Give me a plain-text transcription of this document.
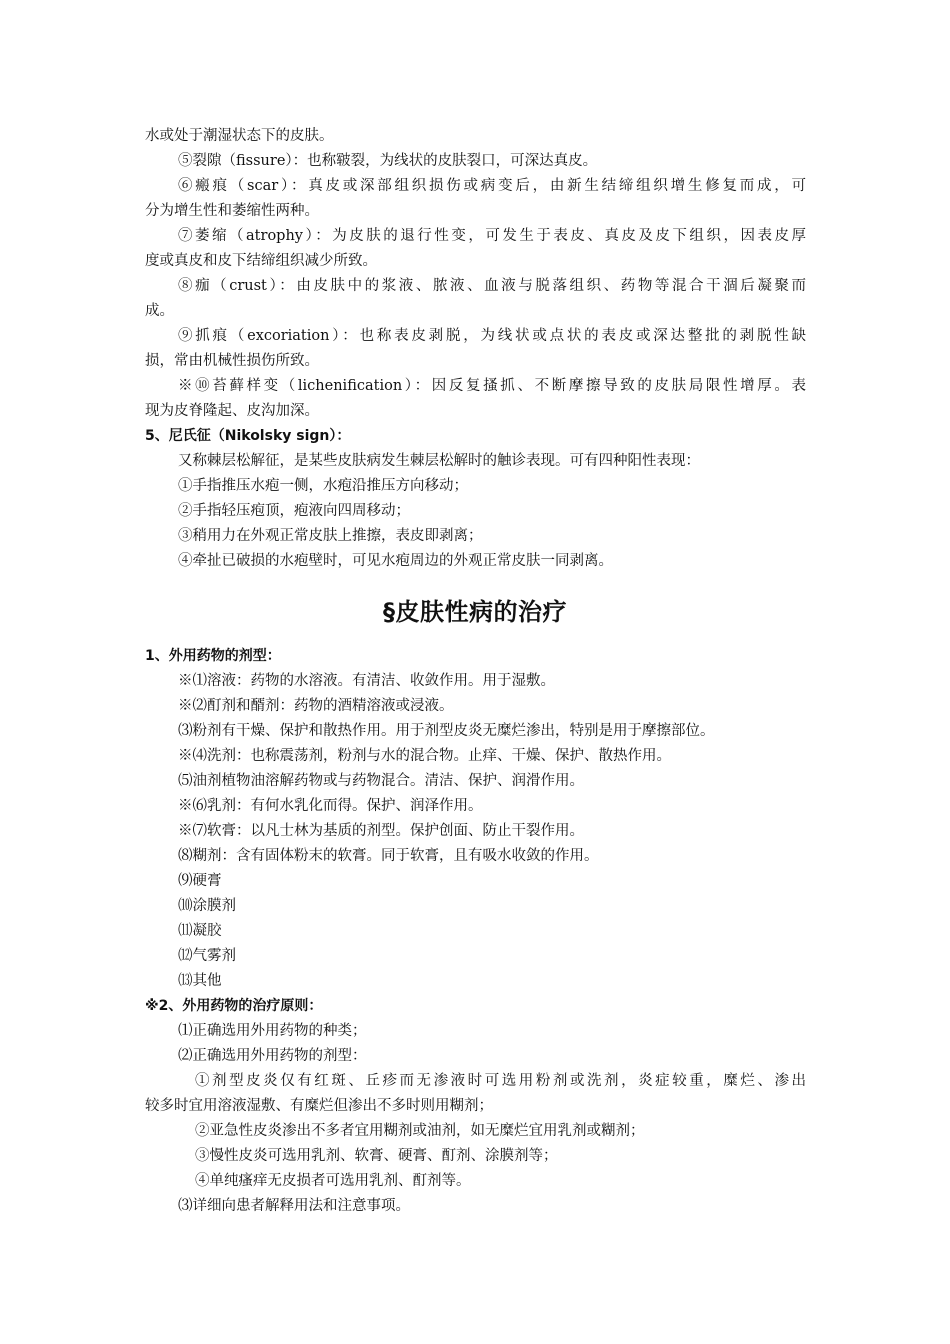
水或处于潮湿状态下的皮肤。
⑤裂隙（fissure）：也称皲裂，为线状的皮肤裂口，可深达真皮。
⑥瘢痕（scar）：真皮或深部组织损伤或病变后，由新生结缔组织增生修复而成，可
分为增生性和萎缩性两种。
⑦萎缩（atrophy）：为皮肤的退行性变，可发生于表皮、真皮及皮下组织，因表皮厚
度或真皮和皮下结缔组织减少所致。
⑧痂（crust）：由皮肤中的浆液、脓液、血液与脱落组织、药物等混合干涸后凝聚而
成。
⑨抓痕（excoriation）：也称表皮剥脱，为线状或点状的表皮或深达整批的剥脱性缺
损，常由机械性损伤所致。
※⑩苔藓样变（lichenification）：因反复搔抓、不断摩擦导致的皮肤局限性增厚。表
现为皮脊隆起、皮沟加深。
5、尼氏征（Nikolsky sign）：
又称棘层松解征，是某些皮肤病发生棘层松解时的触诊表现。可有四种阳性表现：
①手指推压水疱一侧，水疱沿推压方向移动；
②手指轻压疱顶，疱液向四周移动；
③稍用力在外观正常皮肤上推擦，表皮即剥离；
④牵扯已破损的水疱壁时，可见水疱周边的外观正常皮肤一同剥离。
§皮肤性病的治疗
1、外用药物的剂型：
※⑴溶液：药物的水溶液。有清洁、收敛作用。用于湿敷。
※⑵酊剂和醑剂：药物的酒精溶液或浸液。
⑶粉剂有干燥、保护和散热作用。用于剂型皮炎无糜烂渗出，特别是用于摩擦部位。
※⑷洗剂：也称震荡剂，粉剂与水的混合物。止痒、干燥、保护、散热作用。
⑸油剂植物油溶解药物或与药物混合。清洁、保护、润滑作用。
※⑹乳剂：有何水乳化而得。保护、润泽作用。
※⑺软膏：以凡士林为基质的剂型。保护创面、防止干裂作用。
⑻糊剂：含有固体粉末的软膏。同于软膏，且有吸水收敛的作用。
⑼硬膏
⑽涂膜剂
⑾凝胶
⑿气雾剂
⒀其他
※2、外用药物的治疗原则：
⑴正确选用外用药物的种类；
⑵正确选用外用药物的剂型：
①剂型皮炎仅有红斑、丘疹而无渗液时可选用粉剂或洗剂，炎症较重，糜烂、渗出
较多时宜用溶液湿敷、有糜烂但渗出不多时则用糊剂；
②亚急性皮炎渗出不多者宜用糊剂或油剂，如无糜烂宜用乳剂或糊剂；
③慢性皮炎可选用乳剂、软膏、硬膏、酊剂、涂膜剂等；
④单纯瘙痒无皮损者可选用乳剂、酊剂等。
⑶详细向患者解释用法和注意事项。
